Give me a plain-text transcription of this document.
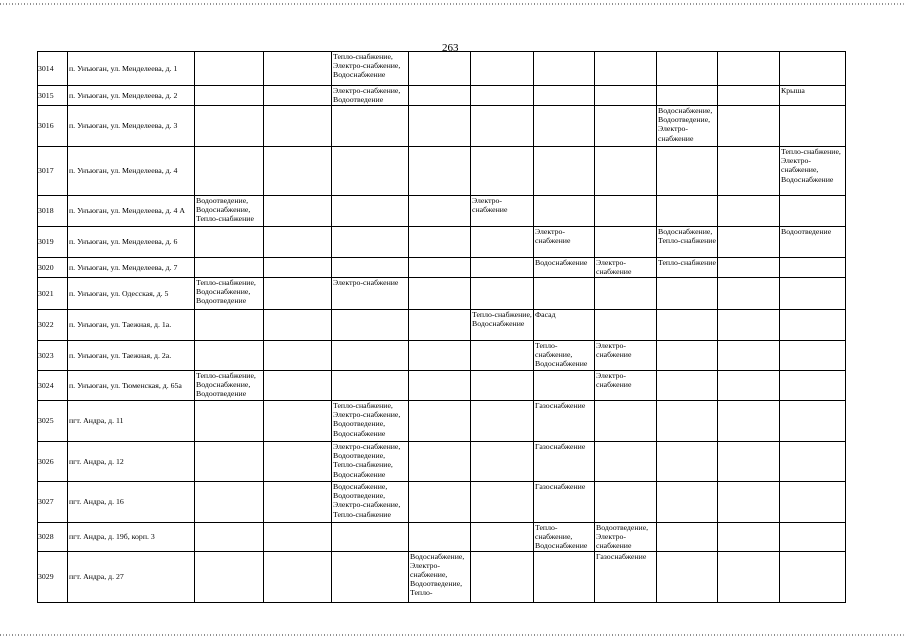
263
3014	п. Унъюган, ул. Менделеева, д. 1			Тепло-снабжение, Электро-снабжение, Водоснабжение							
3015	п. Унъюган, ул. Менделеева, д. 2			Электро-снабжение, Водоотведение							Крыша
3016	п. Унъюган, ул. Менделеева, д. 3								Водоснабжение, Водоотведение, Электро-снабжение		
3017	п. Унъюган, ул. Менделеева, д. 4										Тепло-снабжение, Электро-снабжение, Водоснабжение
3018	п. Унъюган, ул. Менделеева, д. 4 А	Водоотведение, Водоснабжение, Тепло-снабжение				Электро-снабжение					
3019	п. Унъюган, ул. Менделеева, д. 6						Электро-снабжение		Водоснабжение, Тепло-снабжение		Водоотведение
3020	п. Унъюган, ул. Менделеева, д. 7						Водоснабжение	Электро-снабжение	Тепло-снабжение		
3021	п. Унъюган, ул. Одесская, д. 5	Тепло-снабжение, Водоснабжение, Водоотведение		Электро-снабжение							
3022	п. Унъюган, ул. Таежная, д. 1а.					Тепло-снабжение, Водоснабжение	Фасад				
3023	п. Унъюган, ул. Таежная, д. 2а.						Тепло-снабжение, Водоснабжение	Электро-снабжение			
3024	п. Унъюган, ул. Тюменская, д. 65а	Тепло-снабжение, Водоснабжение, Водоотведение						Электро-снабжение			
3025	пгт. Андра, д. 11			Тепло-снабжение, Электро-снабжение, Водоотведение, Водоснабжение			Газоснабжение				
3026	пгт. Андра, д. 12			Электро-снабжение, Водоотведение, Тепло-снабжение, Водоснабжение			Газоснабжение				
3027	пгт. Андра, д. 16			Водоснабжение, Водоотведение, Электро-снабжение, Тепло-снабжение			Газоснабжение				
3028	пгт. Андра, д. 19б, корп. 3						Тепло-снабжение, Водоснабжение	Водоотведение, Электро-снабжение			
3029	пгт. Андра, д. 27				Водоснабжение, Электро-снабжение, Водоотведение, Тепло-			Газоснабжение			
